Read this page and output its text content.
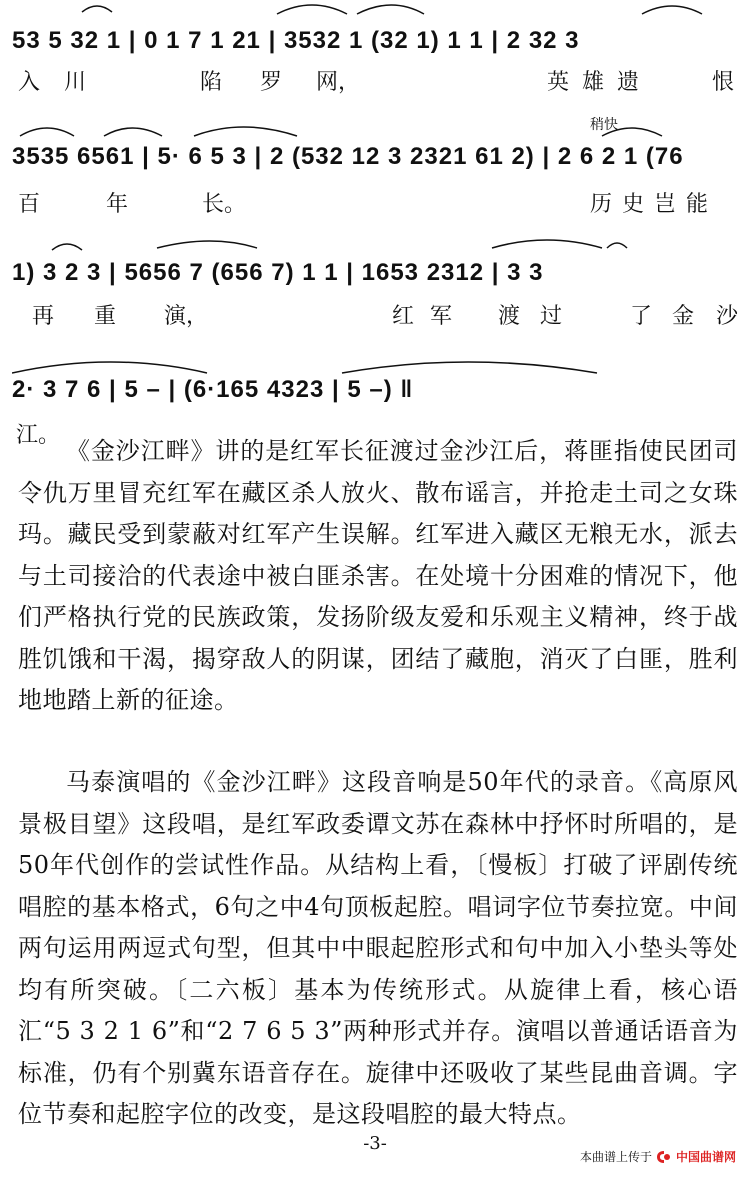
53 5 32 1 | 0 1 7 1 21 | 3532 1 (32 1) 1 1 | 2 32 3
入 川	陷 罗 网，	英 雄 遗	恨
稍快
3535 6561 | 5· 6 5 3 | 2 (532 12 3 2321 61 2) | 2 6 2 1 (76
百	年	长。	历 史 岂 能
1) 3 2 3 | 5656 7 (656 7) 1 1 | 1653 2312 | 3 3
再 重 演，	红 军 渡 过	了 金 沙
2· 3 7 6 | 5 – | (6·165 4323 | 5 –) ‖
江。

《金沙江畔》讲的是红军长征渡过金沙江后，蒋匪指使民团司令仇万里冒充红军在藏区杀人放火、散布谣言，并抢走土司之女珠玛。藏民受到蒙蔽对红军产生误解。红军进入藏区无粮无水，派去与土司接洽的代表途中被白匪杀害。在处境十分困难的情况下，他们严格执行党的民族政策，发扬阶级友爱和乐观主义精神，终于战胜饥饿和干渴，揭穿敌人的阴谋，团结了藏胞，消灭了白匪，胜利地地踏上新的征途。

马泰演唱的《金沙江畔》这段音响是50年代的录音。《高原风景极目望》这段唱，是红军政委谭文苏在森林中抒怀时所唱的，是50年代创作的尝试性作品。从结构上看，〔慢板〕打破了评剧传统唱腔的基本格式，6句之中4句顶板起腔。唱词字位节奏拉宽。中间两句运用两逗式句型，但其中中眼起腔形式和句中加入小垫头等处均有所突破。〔二六板〕基本为传统形式。从旋律上看，核心语汇“5 3 2 1 6”和“2 7 6 5 3”两种形式并存。演唱以普通话语音为标准，仍有个别冀东语音存在。旋律中还吸收了某些昆曲音调。字位节奏和起腔字位的改变，是这段唱腔的最大特点。

-3-
本曲谱上传于 中国曲谱网
